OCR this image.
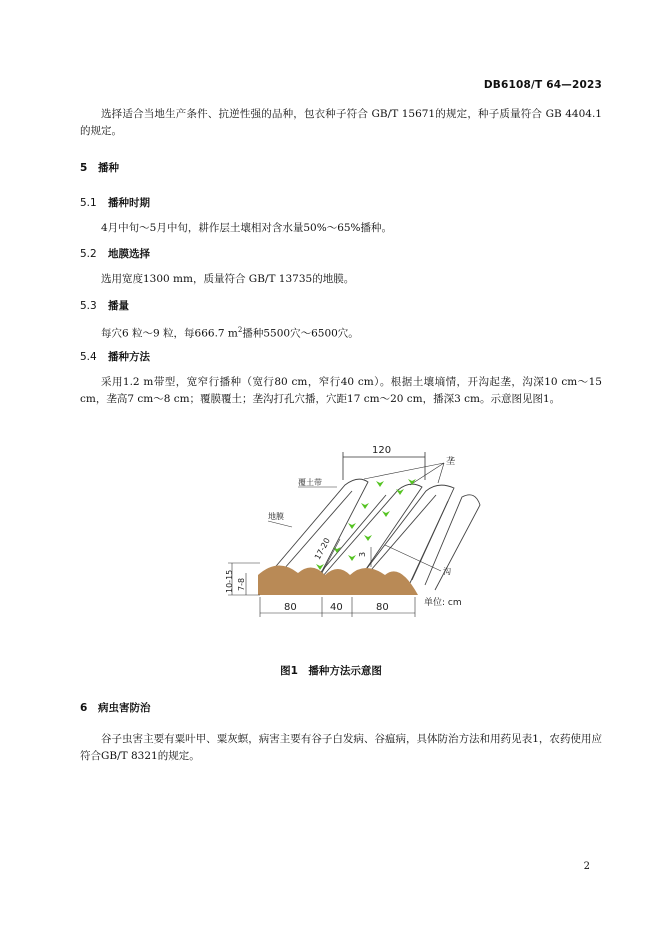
DB6108/T 64—2023
选择适合当地生产条件、抗逆性强的品种，包衣种子符合 GB/T 15671的规定，种子质量符合 GB 4404.1的规定。
5 播种
5.1 播种时期
4月中旬～5月中旬，耕作层土壤相对含水量50%～65%播种。
5.2 地膜选择
选用宽度1300 mm，质量符合 GB/T 13735的地膜。
5.3 播量
每穴6 粒～9 粒，每666.7 $m^2$播种5500穴～6500穴。
5.4 播种方法
采用1.2 m带型，宽窄行播种（宽行80 cm，窄行40 cm）。根据土壤墒情，开沟起垄，沟深10 cm～15 cm，垄高7 cm～8 cm；覆膜覆土；垄沟打孔穴播，穴距17 cm～20 cm，播深3 cm。示意图见图1。
120
垄
覆土带
地膜
17-20	3
沟
10-15 7-8
80	40	80	单位: cm
图1　播种方法示意图
6 病虫害防治
谷子虫害主要有粟叶甲、粟灰螟，病害主要有谷子白发病、谷瘟病，具体防治方法和用药见表1，农药使用应符合GB/T 8321的规定。
2
